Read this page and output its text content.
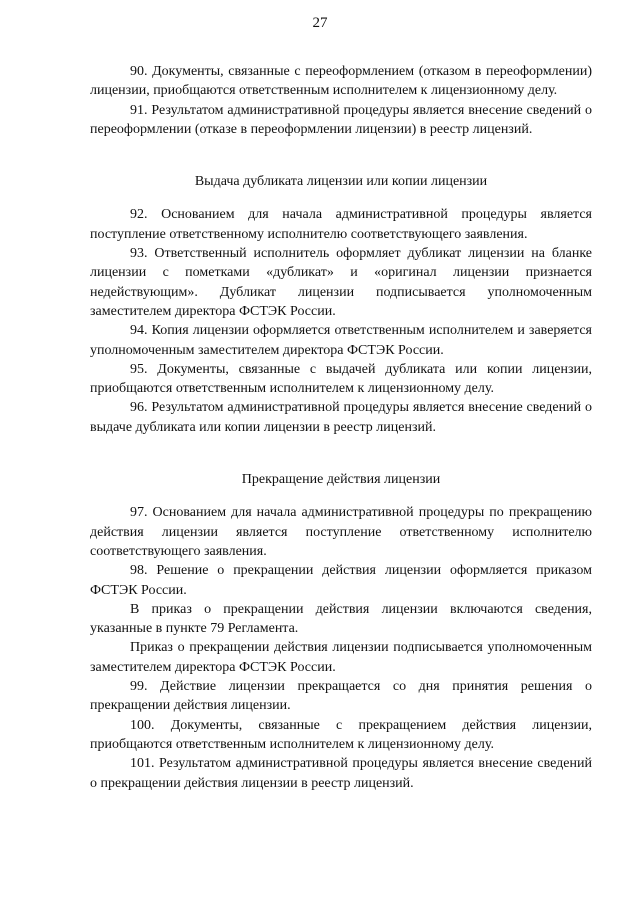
27

90. Документы, связанные с переоформлением (отказом в переоформлении) лицензии, приобщаются ответственным исполнителем к лицензионному делу.

91. Результатом административной процедуры является внесение сведений о переоформлении (отказе в переоформлении лицензии) в реестр лицензий.

Выдача дубликата лицензии или копии лицензии

92. Основанием для начала административной процедуры является поступление ответственному исполнителю соответствующего заявления.

93. Ответственный исполнитель оформляет дубликат лицензии на бланке лицензии с пометками «дубликат» и «оригинал лицензии признается недействующим». Дубликат лицензии подписывается уполномоченным заместителем директора ФСТЭК России.

94. Копия лицензии оформляется ответственным исполнителем и заверяется уполномоченным заместителем директора ФСТЭК России.

95. Документы, связанные с выдачей дубликата или копии лицензии, приобщаются ответственным исполнителем к лицензионному делу.

96. Результатом административной процедуры является внесение сведений о выдаче дубликата или копии лицензии в реестр лицензий.

Прекращение действия лицензии

97. Основанием для начала административной процедуры по прекращению действия лицензии является поступление ответственному исполнителю соответствующего заявления.

98. Решение о прекращении действия лицензии оформляется приказом ФСТЭК России.

В приказ о прекращении действия лицензии включаются сведения, указанные в пункте 79 Регламента.

Приказ о прекращении действия лицензии подписывается уполномоченным заместителем директора ФСТЭК России.

99. Действие лицензии прекращается со дня принятия решения о прекращении действия лицензии.

100. Документы, связанные с прекращением действия лицензии, приобщаются ответственным исполнителем к лицензионному делу.

101. Результатом административной процедуры является внесение сведений о прекращении действия лицензии в реестр лицензий.
